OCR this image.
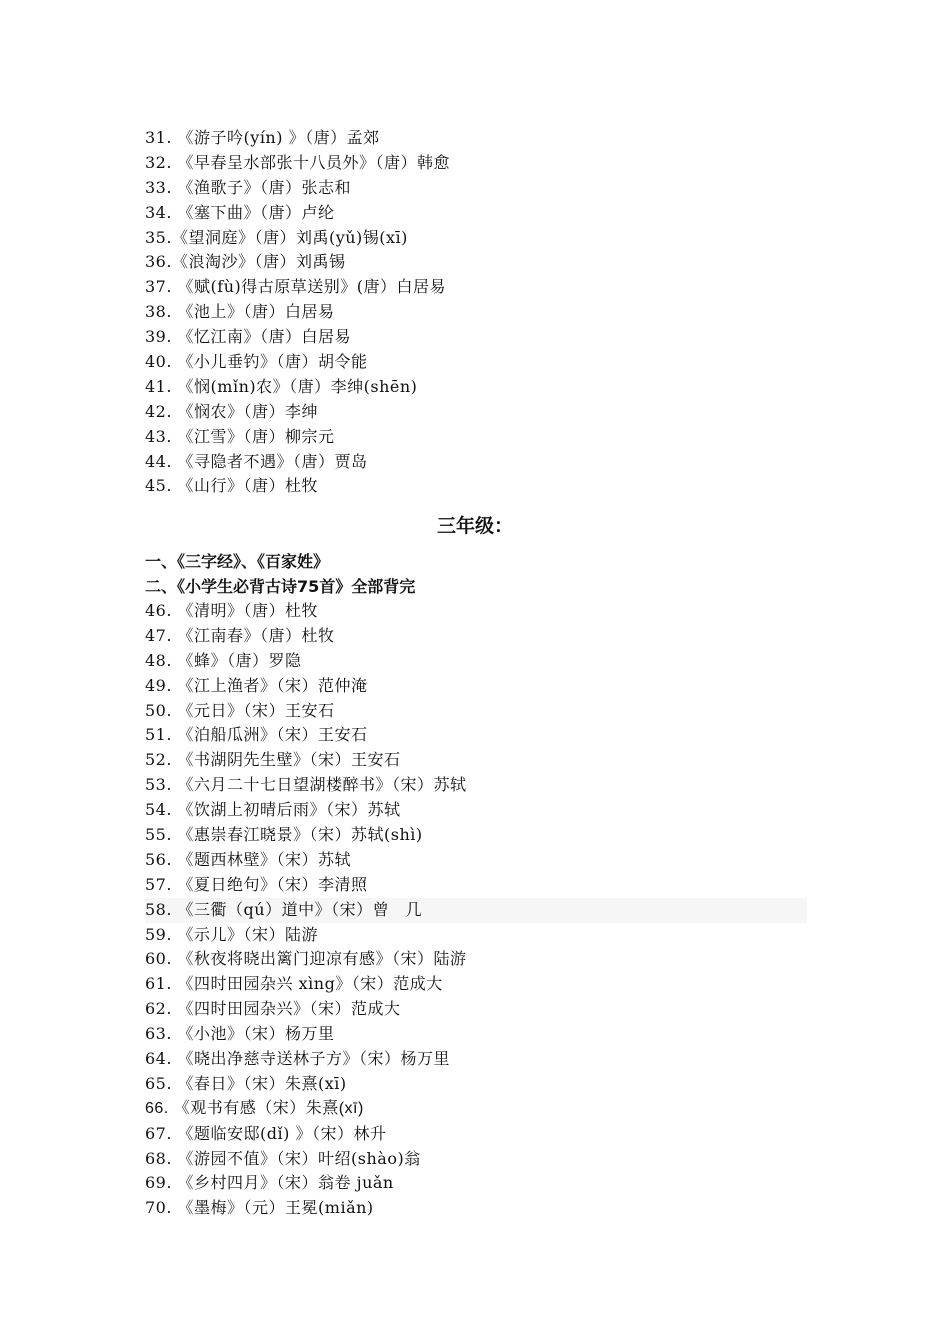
31. 《游子吟(yín) 》（唐）孟郊
32. 《早春呈水部张十八员外》（唐）韩愈
33. 《渔歌子》（唐）张志和
34. 《塞下曲》（唐）卢纶
35.《望洞庭》（唐）刘禹(yǔ)锡(xī)
36.《浪淘沙》（唐）刘禹锡
37. 《赋(fù)得古原草送别》(唐）白居易
38. 《池上》（唐）白居易
39. 《忆江南》（唐）白居易
40. 《小儿垂钓》（唐）胡令能
41. 《悯(mǐn)农》（唐）李绅(shēn)
42. 《悯农》（唐）李绅
43. 《江雪》（唐）柳宗元
44. 《寻隐者不遇》（唐）贾岛
45. 《山行》（唐）杜牧
三年级：
一、《三字经》、《百家姓》
二、《小学生必背古诗75首》全部背完
46. 《清明》（唐）杜牧
47. 《江南春》（唐）杜牧
48. 《蜂》（唐）罗隐
49. 《江上渔者》（宋）范仲淹
50. 《元日》（宋）王安石
51. 《泊船瓜洲》（宋）王安石
52. 《书湖阴先生壁》（宋）王安石
53. 《六月二十七日望湖楼醉书》（宋）苏轼
54. 《饮湖上初晴后雨》（宋）苏轼
55. 《惠崇春江晓景》（宋）苏轼(shì)
56. 《题西林壁》（宋）苏轼
57. 《夏日绝句》（宋）李清照
58. 《三衢（qú）道中》（宋）曾　几
59. 《示儿》（宋）陆游
60. 《秋夜将晓出篱门迎凉有感》（宋）陆游
61. 《四时田园杂兴 xìng》（宋）范成大
62. 《四时田园杂兴》（宋）范成大
63. 《小池》（宋）杨万里
64. 《晓出净慈寺送林子方》（宋）杨万里
65. 《春日》（宋）朱熹(xī)
66. 《观书有感（宋）朱熹(xī)
67. 《题临安邸(dǐ) 》（宋）林升
68. 《游园不值》（宋）叶绍(shào)翁
69. 《乡村四月》（宋）翁卷 juǎn
70. 《墨梅》（元）王冕(miǎn)
